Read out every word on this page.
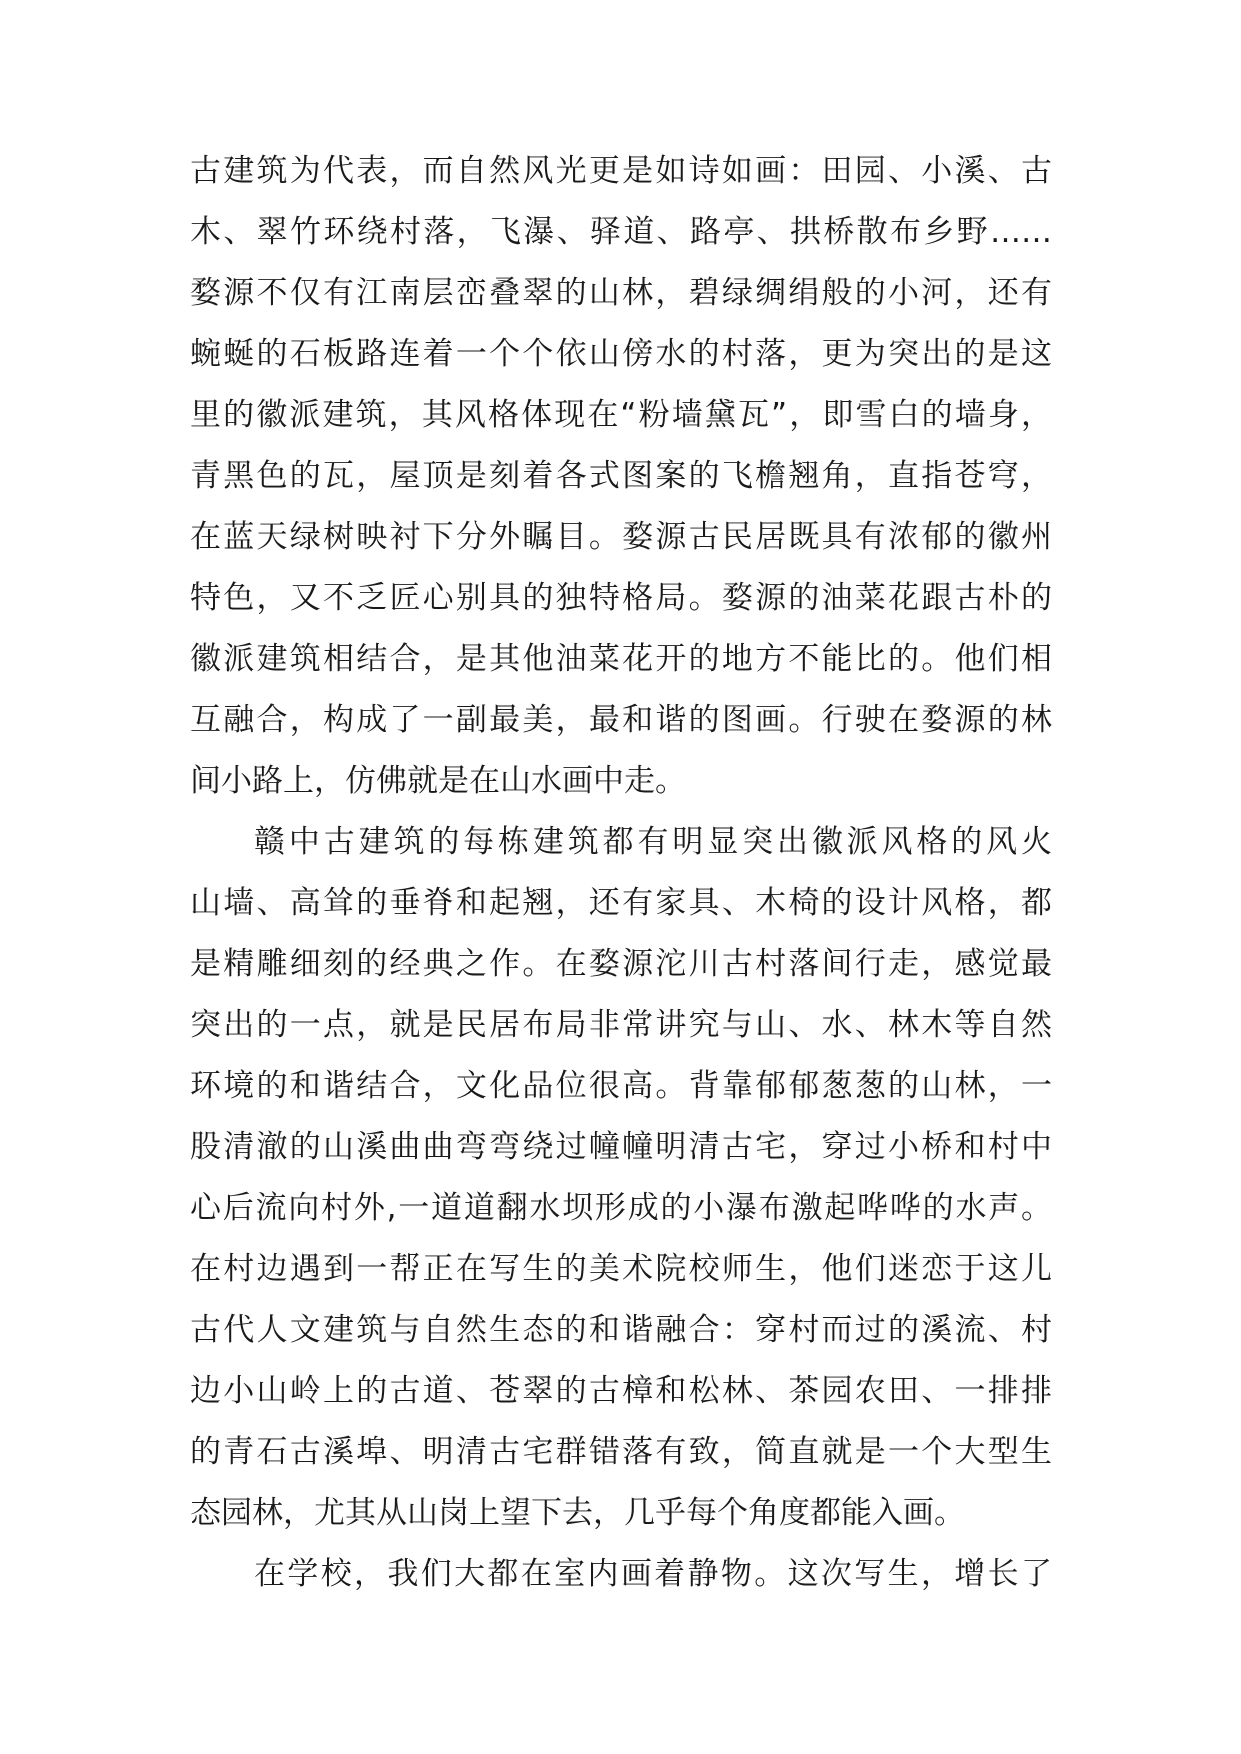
古建筑为代表，而自然风光更是如诗如画：田园、小溪、古
木、翠竹环绕村落，飞瀑、驿道、路亭、拱桥散布乡野……
婺源不仅有江南层峦叠翠的山林，碧绿绸绢般的小河，还有
蜿蜒的石板路连着一个个依山傍水的村落，更为突出的是这
里的徽派建筑，其风格体现在“粉墙黛瓦”，即雪白的墙身，
青黑色的瓦，屋顶是刻着各式图案的飞檐翘角，直指苍穹，
在蓝天绿树映衬下分外瞩目。婺源古民居既具有浓郁的徽州
特色，又不乏匠心别具的独特格局。婺源的油菜花跟古朴的
徽派建筑相结合，是其他油菜花开的地方不能比的。他们相
互融合，构成了一副最美，最和谐的图画。行驶在婺源的林
间小路上，仿佛就是在山水画中走。
赣中古建筑的每栋建筑都有明显突出徽派风格的风火
山墙、高耸的垂脊和起翘，还有家具、木椅的设计风格，都
是精雕细刻的经典之作。在婺源沱川古村落间行走，感觉最
突出的一点，就是民居布局非常讲究与山、水、林木等自然
环境的和谐结合，文化品位很高。背靠郁郁葱葱的山林，一
股清澈的山溪曲曲弯弯绕过幢幢明清古宅，穿过小桥和村中
心后流向村外,一道道翻水坝形成的小瀑布激起哗哗的水声。
在村边遇到一帮正在写生的美术院校师生，他们迷恋于这儿
古代人文建筑与自然生态的和谐融合：穿村而过的溪流、村
边小山岭上的古道、苍翠的古樟和松林、茶园农田、一排排
的青石古溪埠、明清古宅群错落有致，简直就是一个大型生
态园林，尤其从山岗上望下去，几乎每个角度都能入画。
在学校，我们大都在室内画着静物。这次写生，增长了
